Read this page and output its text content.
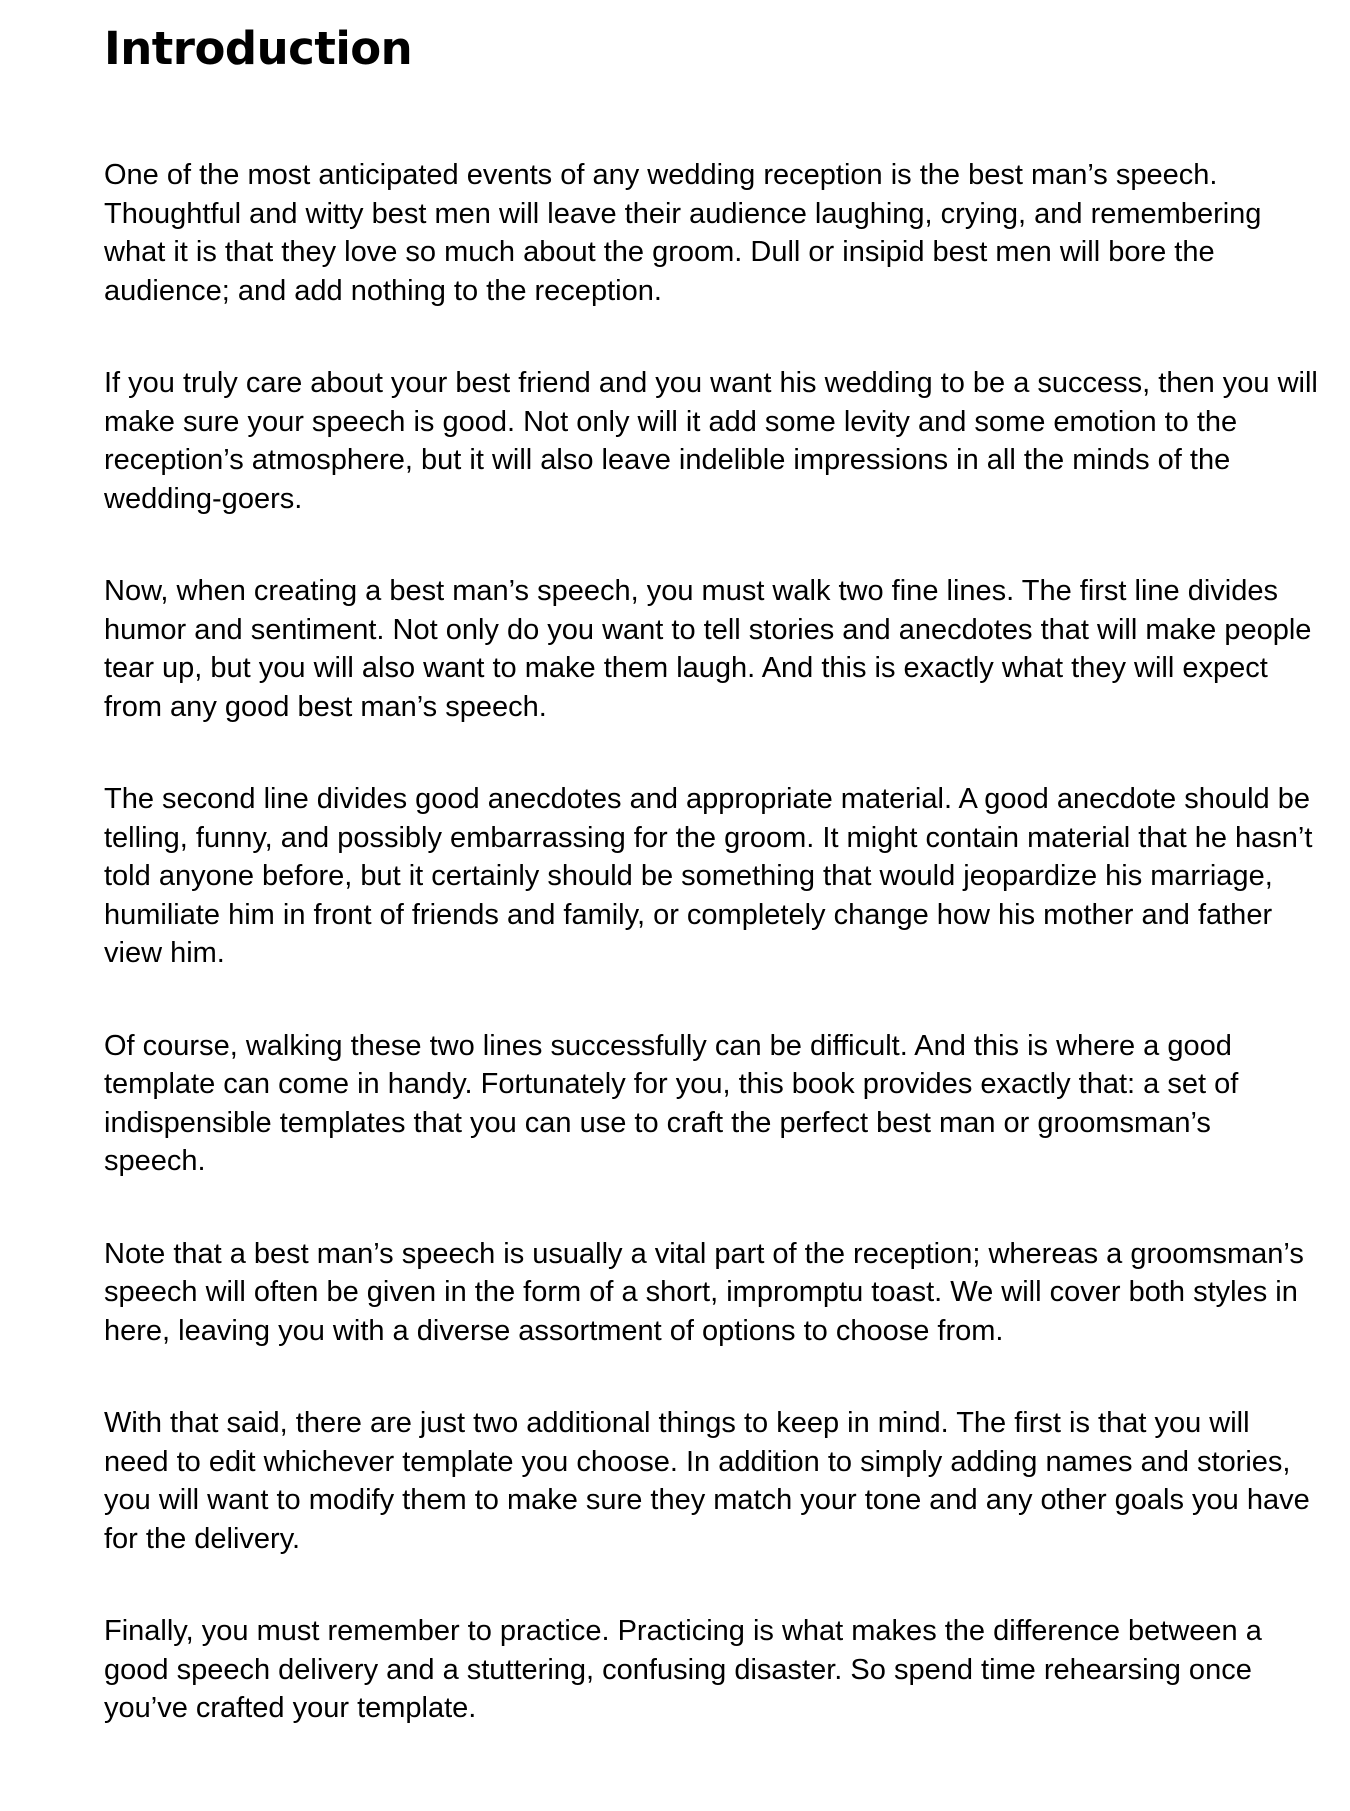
Introduction

One of the most anticipated events of any wedding reception is the best man’s speech. Thoughtful and witty best men will leave their audience laughing, crying, and remembering what it is that they love so much about the groom. Dull or insipid best men will bore the audience; and add nothing to the reception.

If you truly care about your best friend and you want his wedding to be a success, then you will make sure your speech is good. Not only will it add some levity and some emotion to the reception’s atmosphere, but it will also leave indelible impressions in all the minds of the wedding-goers.

Now, when creating a best man’s speech, you must walk two fine lines. The first line divides humor and sentiment. Not only do you want to tell stories and anecdotes that will make people tear up, but you will also want to make them laugh. And this is exactly what they will expect from any good best man’s speech.

The second line divides good anecdotes and appropriate material. A good anecdote should be telling, funny, and possibly embarrassing for the groom. It might contain material that he hasn’t told anyone before, but it certainly should be something that would jeopardize his marriage, humiliate him in front of friends and family, or completely change how his mother and father view him.

Of course, walking these two lines successfully can be difficult. And this is where a good template can come in handy. Fortunately for you, this book provides exactly that: a set of indispensible templates that you can use to craft the perfect best man or groomsman’s speech.

Note that a best man’s speech is usually a vital part of the reception; whereas a groomsman’s speech will often be given in the form of a short, impromptu toast. We will cover both styles in here, leaving you with a diverse assortment of options to choose from.

With that said, there are just two additional things to keep in mind. The first is that you will need to edit whichever template you choose. In addition to simply adding names and stories, you will want to modify them to make sure they match your tone and any other goals you have for the delivery.

Finally, you must remember to practice. Practicing is what makes the difference between a good speech delivery and a stuttering, confusing disaster. So spend time rehearsing once you’ve crafted your template.
